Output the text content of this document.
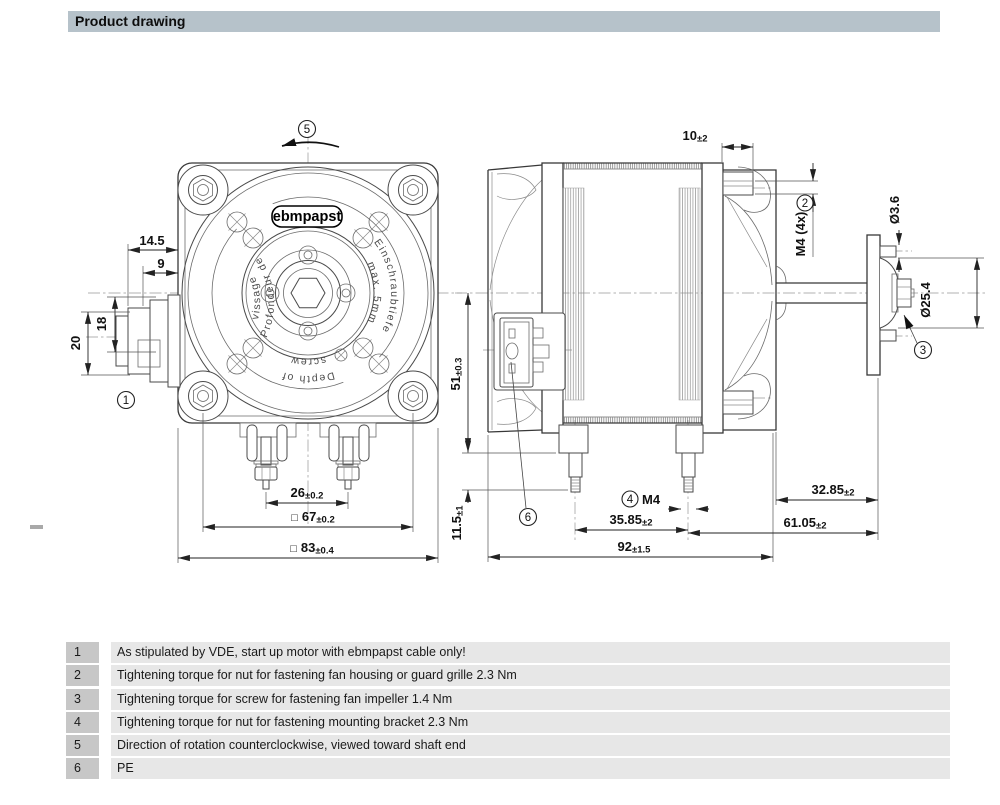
Product drawing
Profondeur de
vissage
Einschraubtiefe
max. 5mm
Depth of
screw
ebmpapst
14.5
9
18
20
26±0.2
□ 67±0.2
□ 83±0.4
5
1
10±2
M4 (4x)
2	Ø3.6
Ø25.4
3
51±0.3
11.5±1
6
4 M4
35.85±2
92±1.5
32.85±2
61.05±2
1	As stipulated by VDE, start up motor with ebmpapst cable only!
2	Tightening torque for nut for fastening fan housing or guard grille 2.3 Nm
3	Tightening torque for screw for fastening fan impeller 1.4 Nm
4	Tightening torque for nut for fastening mounting bracket 2.3 Nm
5	Direction of rotation counterclockwise, viewed toward shaft end
6	PE
